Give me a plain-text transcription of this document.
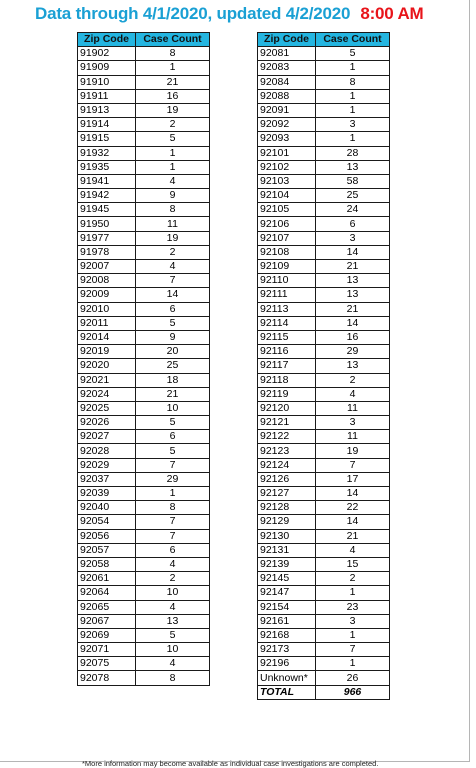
Data through 4/1/2020, updated 4/2/2020 8:00 AM
Zip Code	Case Count
91902	8
91909	1
91910	21
91911	16
91913	19
91914	2
91915	5
91932	1
91935	1
91941	4
91942	9
91945	8
91950	11
91977	19
91978	2
92007	4
92008	7
92009	14
92010	6
92011	5
92014	9
92019	20
92020	25
92021	18
92024	21
92025	10
92026	5
92027	6
92028	5
92029	7
92037	29
92039	1
92040	8
92054	7
92056	7
92057	6
92058	4
92061	2
92064	10
92065	4
92067	13
92069	5
92071	10
92075	4
92078	8
Zip Code	Case Count
92081	5
92083	1
92084	8
92088	1
92091	1
92092	3
92093	1
92101	28
92102	13
92103	58
92104	25
92105	24
92106	6
92107	3
92108	14
92109	21
92110	13
92111	13
92113	21
92114	14
92115	16
92116	29
92117	13
92118	2
92119	4
92120	11
92121	3
92122	11
92123	19
92124	7
92126	17
92127	14
92128	22
92129	14
92130	21
92131	4
92139	15
92145	2
92147	1
92154	23
92161	3
92168	1
92173	7
92196	1
Unknown*	26
TOTAL	966
*More information may become available as individual case investigations are completed.
